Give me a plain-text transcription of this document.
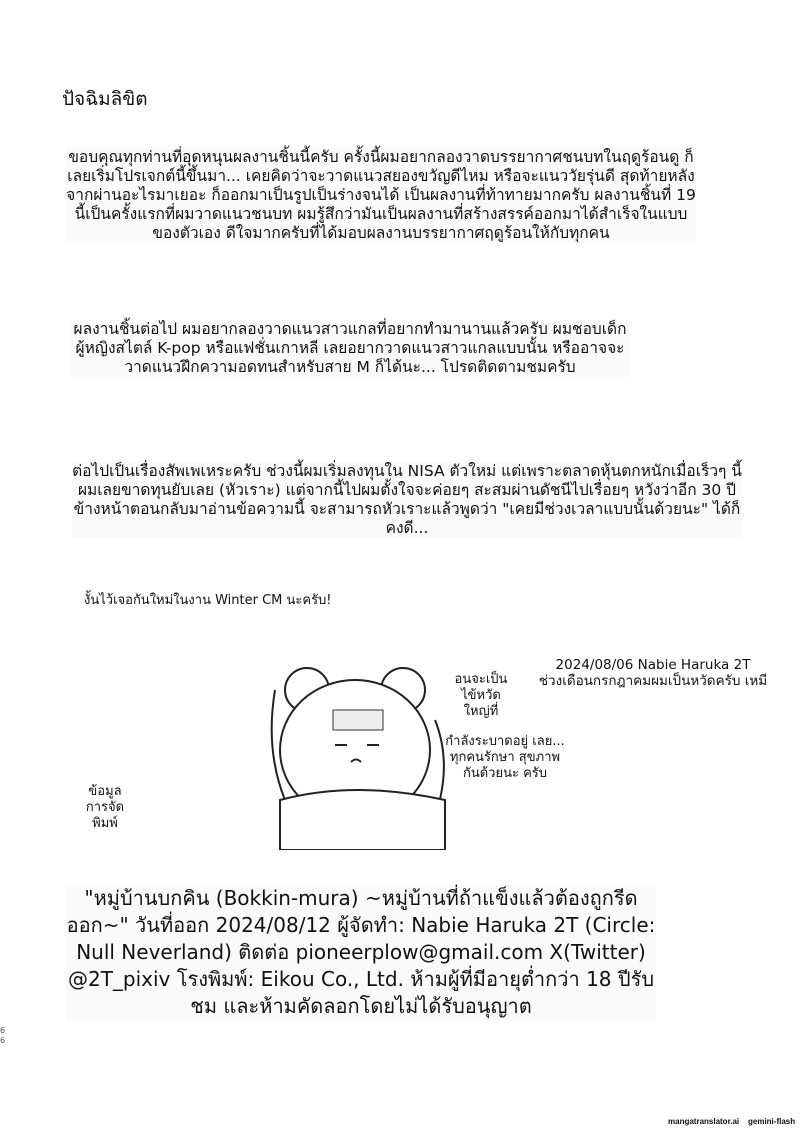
ปัจฉิมลิขิต
ขอบคุณทุกท่านที่อุดหนุนผลงานชิ้นนี้ครับ ครั้งนี้ผมอยากลองวาดบรรยากาศชนบทในฤดูร้อนดู ก็เลยเริ่มโปรเจกต์นี้ขึ้นมา... เคยคิดว่าจะวาดแนวสยองขวัญดีไหม หรือจะแนววัยรุ่นดี สุดท้ายหลังจากผ่านอะไรมาเยอะ ก็ออกมาเป็นรูปเป็นร่างจนได้ เป็นผลงานที่ท้าทายมากครับ ผลงานชิ้นที่ 19 นี้เป็นครั้งแรกที่ผมวาดแนวชนบท ผมรู้สึกว่ามันเป็นผลงานที่สร้างสรรค์ออกมาได้สำเร็จในแบบของตัวเอง ดีใจมากครับที่ได้มอบผลงานบรรยากาศฤดูร้อนให้กับทุกคน
ผลงานชิ้นต่อไป ผมอยากลองวาดแนวสาวแกลที่อยากทำมานานแล้วครับ ผมชอบเด็กผู้หญิงสไตล์ K-pop หรือแฟชั่นเกาหลี เลยอยากวาดแนวสาวแกลแบบนั้น หรืออาจจะวาดแนวฝึกความอดทนสำหรับสาย M ก็ได้นะ... โปรดติดตามชมครับ
ต่อไปเป็นเรื่องสัพเพเหระครับ ช่วงนี้ผมเริ่มลงทุนใน NISA ตัวใหม่ แต่เพราะตลาดหุ้นตกหนักเมื่อเร็วๆ นี้ ผมเลยขาดทุนยับเลย (หัวเราะ) แต่จากนี้ไปผมตั้งใจจะค่อยๆ สะสมผ่านดัชนีไปเรื่อยๆ หวังว่าอีก 30 ปีข้างหน้าตอนกลับมาอ่านข้อความนี้ จะสามารถหัวเราะแล้วพูดว่า "เคยมีช่วงเวลาแบบนั้นด้วยนะ" ได้ก็คงดี...
งั้นไว้เจอกันใหม่ในงาน Winter CM นะครับ!
อนจะเป็น ไข้หวัด ใหญ่ที่
กำลังระบาดอยู่ เลย... ทุกคนรักษา สุขภาพกันด้วยนะ ครับ
2024/08/06 Nabie Haruka 2T
ช่วงเดือนกรกฎาคมผมเป็นหวัดครับ เหมี
ข้อมูล การจัด พิมพ์
"หมู่บ้านบกคิน (Bokkin-mura) ~หมู่บ้านที่ถ้าแข็งแล้วต้องถูกรีดออก~" วันที่ออก 2024/08/12 ผู้จัดทำ: Nabie Haruka 2T (Circle: Null Neverland) ติดต่อ pioneerplow@gmail.com X(Twitter) @2T_pixiv โรงพิมพ์: Eikou Co., Ltd. ห้ามผู้ที่มีอายุต่ำกว่า 18 ปีรับชม และห้ามคัดลอกโดยไม่ได้รับอนุญาต
6
6
mangatranslator.ai gemini-flash
